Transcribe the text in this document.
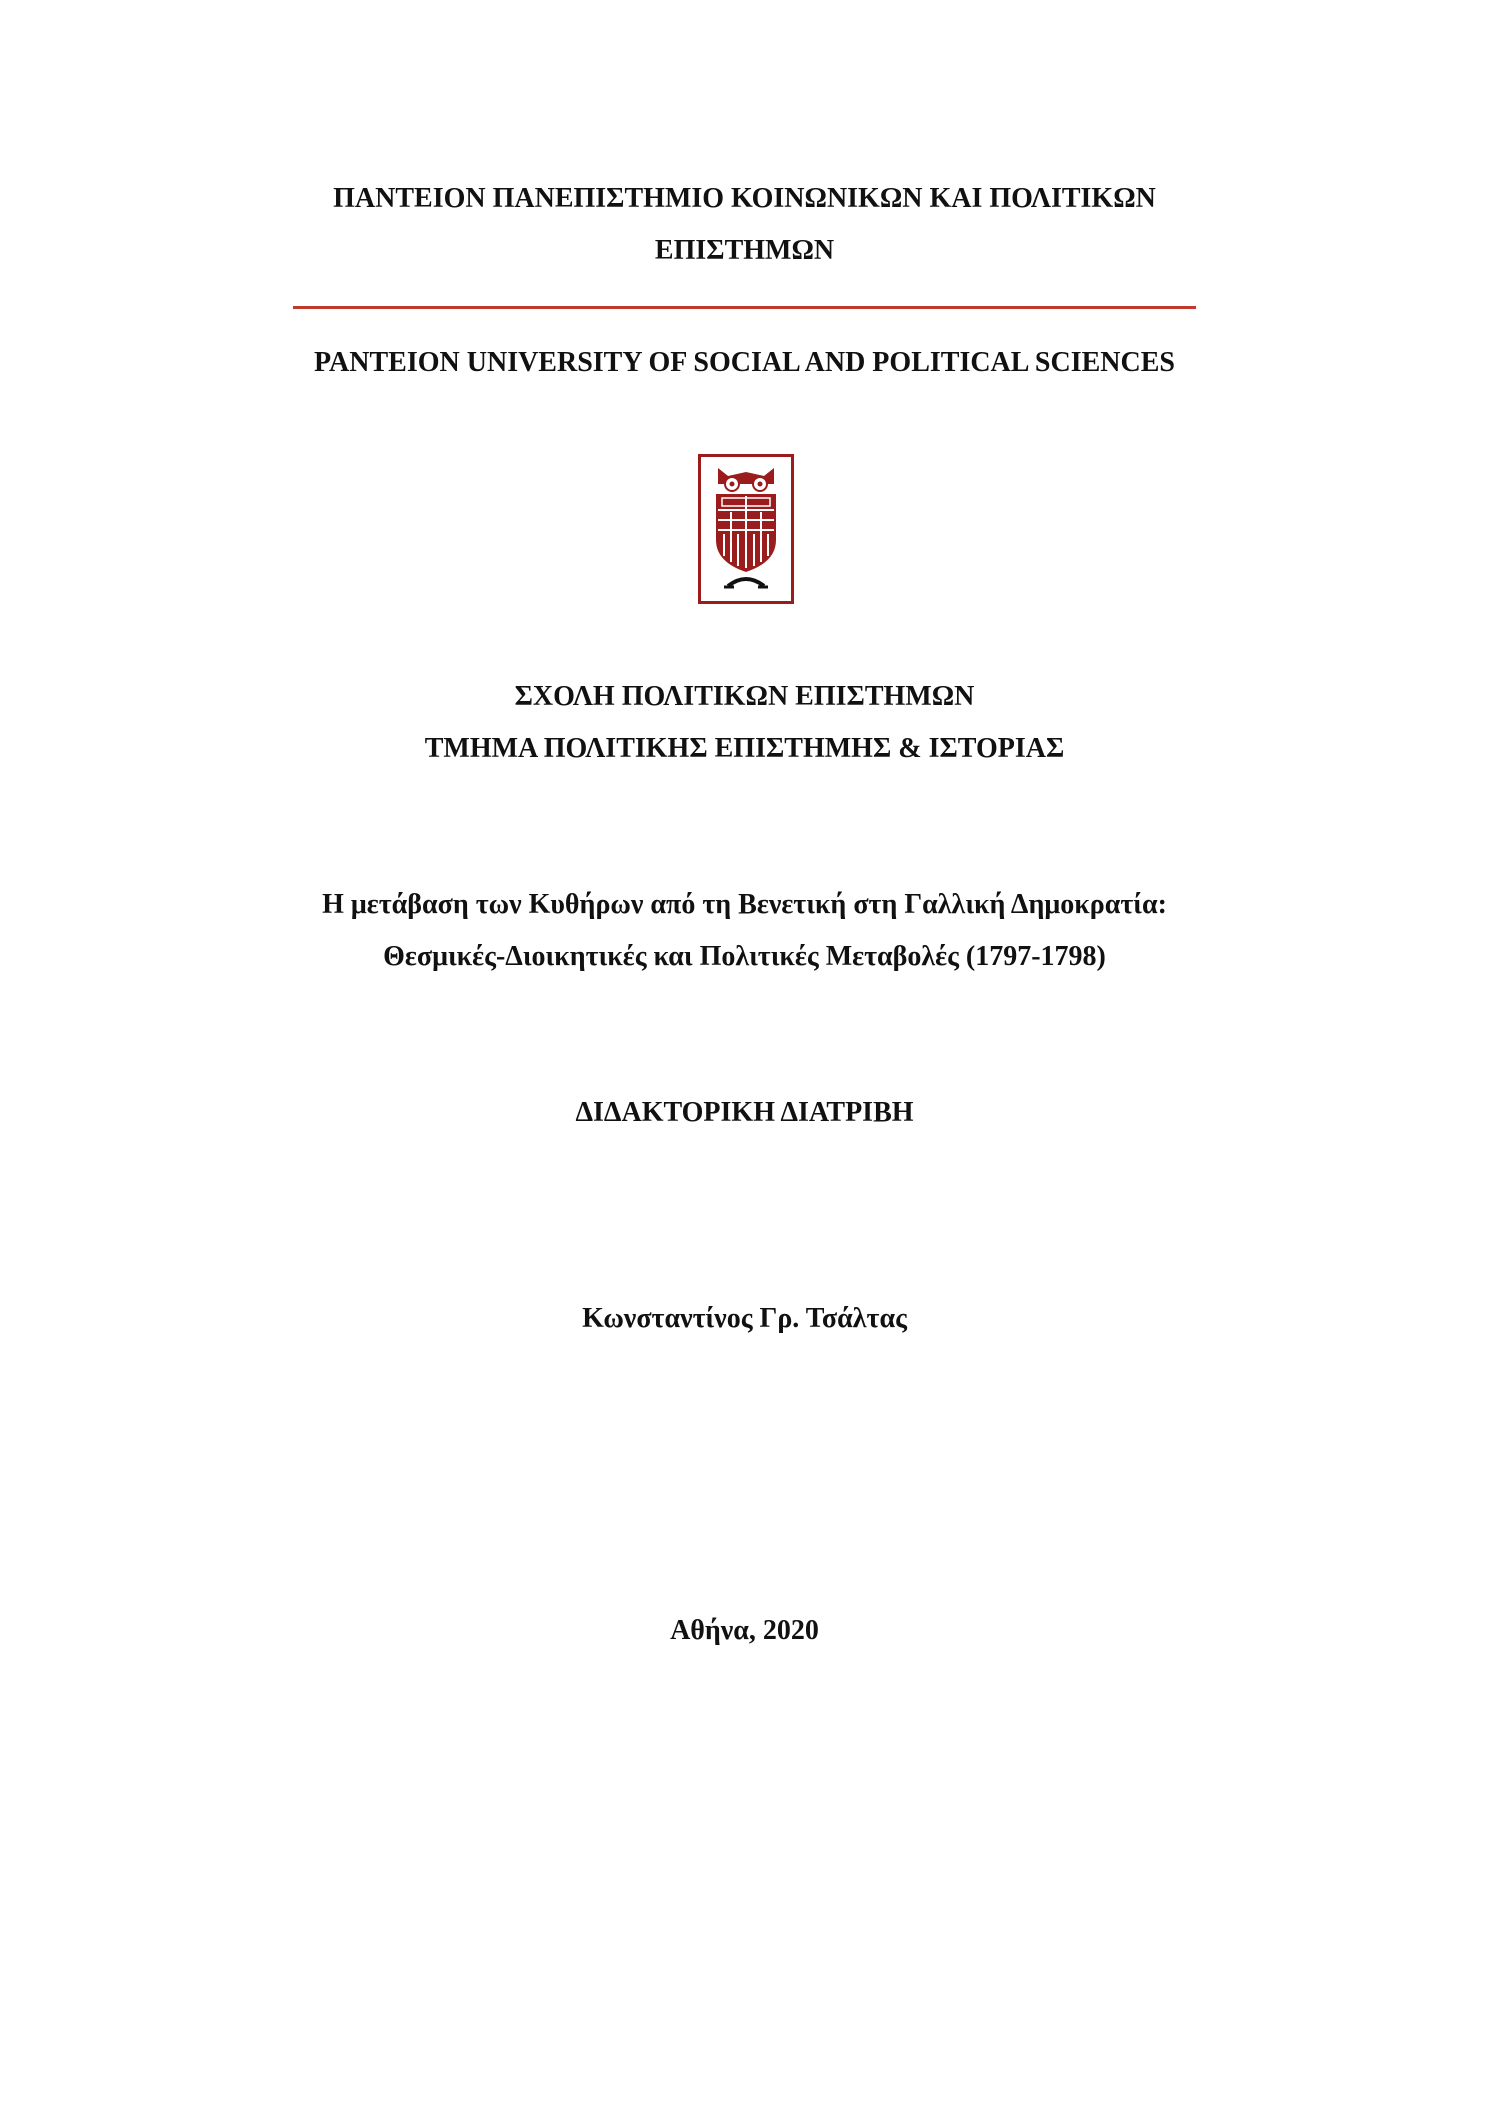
ΠΑΝΤΕΙΟΝ ΠΑΝΕΠΙΣΤΗΜΙΟ ΚΟΙΝΩΝΙΚΩΝ ΚΑΙ ΠΟΛΙΤΙΚΩΝ
ΕΠΙΣΤΗΜΩΝ
PANTEION UNIVERSITY OF SOCIAL AND POLITICAL SCIENCES
ΣΧΟΛΗ ΠΟΛΙΤΙΚΩΝ ΕΠΙΣΤΗΜΩΝ
ΤΜΗΜΑ ΠΟΛΙΤΙΚΗΣ ΕΠΙΣΤΗΜΗΣ & ΙΣΤΟΡΙΑΣ
Η μετάβαση των Κυθήρων από τη Βενετική στη Γαλλική Δημοκρατία:
Θεσμικές-Διοικητικές και Πολιτικές Μεταβολές (1797-1798)
ΔΙΔΑΚΤΟΡΙΚΗ ΔΙΑΤΡΙΒΗ
Κωνσταντίνος Γρ. Τσάλτας
Αθήνα, 2020
